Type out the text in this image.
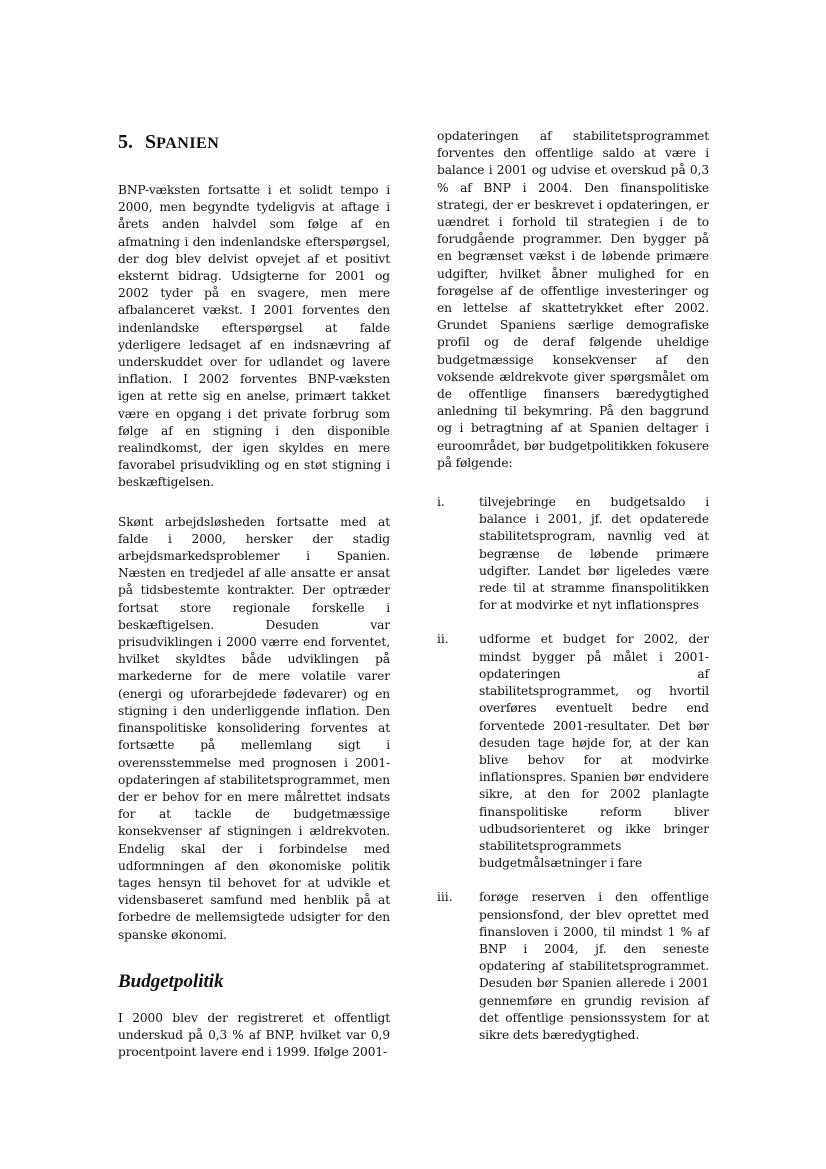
5. SPANIEN

BNP-væksten fortsatte i et solidt tempo i 2000, men begyndte tydeligvis at aftage i årets anden halvdel som følge af en afmatning i den indenlandske efterspørgsel, der dog blev delvist opvejet af et positivt eksternt bidrag. Udsigterne for 2001 og 2002 tyder på en svagere, men mere afbalanceret vækst. I 2001 forventes den indenlandske efterspørgsel at falde yderligere ledsaget af en indsnævring af underskuddet over for udlandet og lavere inflation. I 2002 forventes BNP-væksten igen at rette sig en anelse, primært takket være en opgang i det private forbrug som følge af en stigning i den disponible realindkomst, der igen skyldes en mere favorabel prisudvikling og en støt stigning i beskæftigelsen.

Skønt arbejdsløsheden fortsatte med at falde i 2000, hersker der stadig arbejdsmarkedsproblemer i Spanien. Næsten en tredjedel af alle ansatte er ansat på tidsbestemte kontrakter. Der optræder fortsat store regionale forskelle i beskæftigelsen. Desuden var prisudviklingen i 2000 værre end forventet, hvilket skyldtes både udviklingen på markederne for de mere volatile varer (energi og uforarbejdede fødevarer) og en stigning i den underliggende inflation. Den finanspolitiske konsolidering forventes at fortsætte på mellemlang sigt i overensstemmelse med prognosen i 2001-opdateringen af stabilitetsprogrammet, men der er behov for en mere målrettet indsats for at tackle de budgetmæssige konsekvenser af stigningen i ældrekvoten. Endelig skal der i forbindelse med udformningen af den økonomiske politik tages hensyn til behovet for at udvikle et vidensbaseret samfund med henblik på at forbedre de mellemsigtede udsigter for den spanske økonomi.

Budgetpolitik

I 2000 blev der registreret et offentligt underskud på 0,3 % af BNP, hvilket var 0,9 procentpoint lavere end i 1999. Ifølge 2001-

opdateringen af stabilitetsprogrammet forventes den offentlige saldo at være i balance i 2001 og udvise et overskud på 0,3 % af BNP i 2004. Den finanspolitiske strategi, der er beskrevet i opdateringen, er uændret i forhold til strategien i de to forudgående programmer. Den bygger på en begrænset vækst i de løbende primære udgifter, hvilket åbner mulighed for en forøgelse af de offentlige investeringer og en lettelse af skattetrykket efter 2002. Grundet Spaniens særlige demografiske profil og de deraf følgende uheldige budgetmæssige konsekvenser af den voksende ældrekvote giver spørgsmålet om de offentlige finansers bæredygtighed anledning til bekymring. På den baggrund og i betragtning af at Spanien deltager i euroområdet, bør budgetpolitikken fokusere på følgende:

i.	tilvejebringe en budgetsaldo i balance i 2001, jf. det opdaterede stabilitetsprogram, navnlig ved at begrænse de løbende primære udgifter. Landet bør ligeledes være rede til at stramme finanspolitikken for at modvirke et nyt inflationspres
ii.	udforme et budget for 2002, der mindst bygger på målet i 2001-opdateringen af stabilitetsprogrammet, og hvortil overføres eventuelt bedre end forventede 2001-resultater. Det bør desuden tage højde for, at der kan blive behov for at modvirke inflationspres. Spanien bør endvidere sikre, at den for 2002 planlagte finanspolitiske reform bliver udbudsorienteret og ikke bringer stabilitetsprogrammets budgetmålsætninger i fare
iii.	forøge reserven i den offentlige pensionsfond, der blev oprettet med finansloven i 2000, til mindst 1 % af BNP i 2004, jf. den seneste opdatering af stabilitetsprogrammet. Desuden bør Spanien allerede i 2001 gennemføre en grundig revision af det offentlige pensionssystem for at sikre dets bæredygtighed.
